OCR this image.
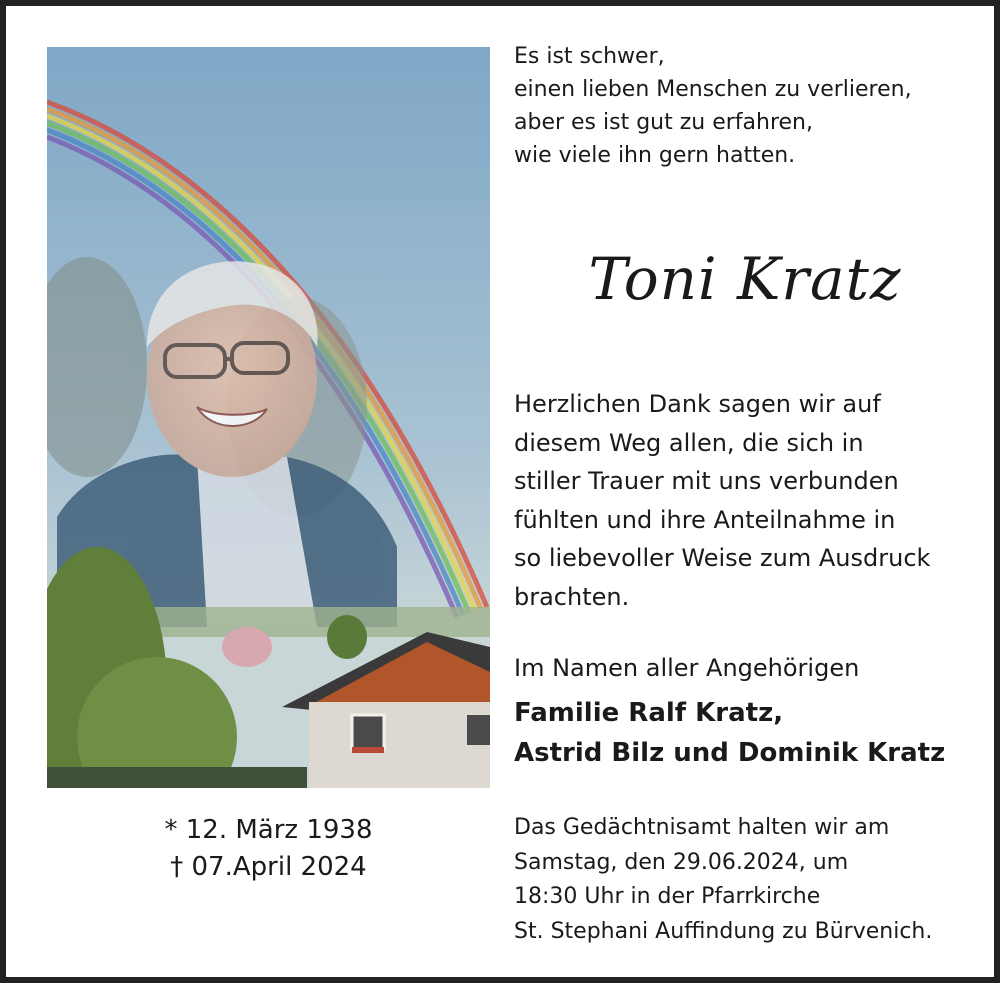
* 12. März 1938
† 07.April 2024
Es ist schwer,
einen lieben Menschen zu verlieren,
aber es ist gut zu erfahren,
wie viele ihn gern hatten.
Toni Kratz
Herzlichen Dank sagen wir auf
diesem Weg allen, die sich in
stiller Trauer mit uns verbunden
fühlten und ihre Anteilnahme in
so liebevoller Weise zum Ausdruck
brachten.
Im Namen aller Angehörigen
Familie Ralf Kratz,
Astrid Bilz und Dominik Kratz
Das Gedächtnisamt halten wir am
Samstag, den 29.06.2024, um
18:30 Uhr in der Pfarrkirche
St. Stephani Auffindung zu Bürvenich.
